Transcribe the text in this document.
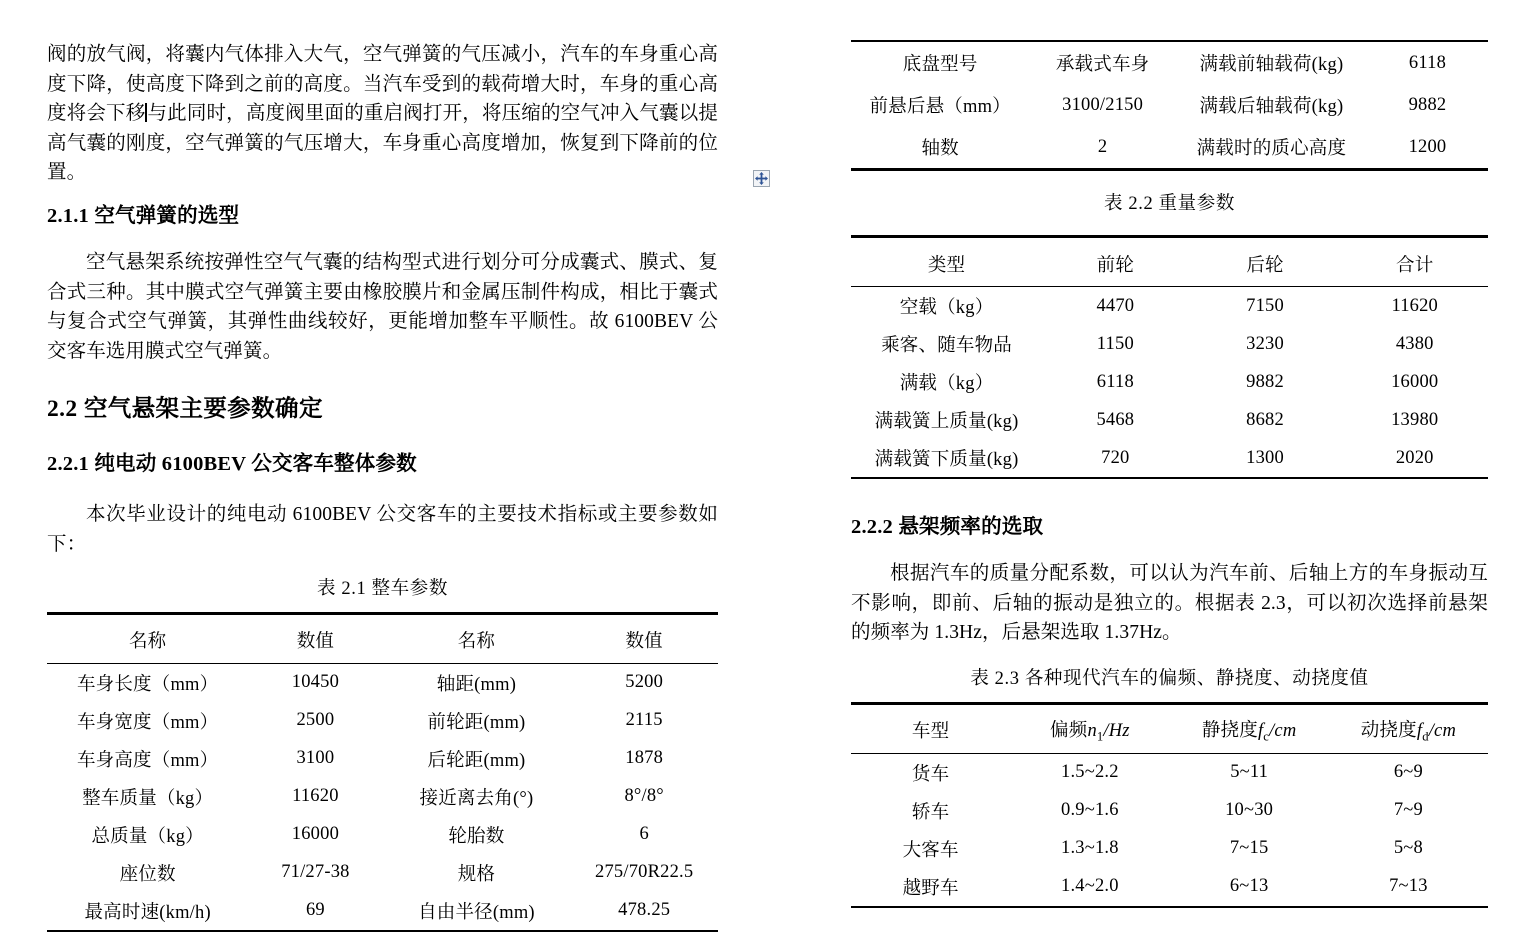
阀的放气阀，将囊内气体排入大气，空气弹簧的气压减小，汽车的车身重心高度下降，使高度下降到之前的高度。当汽车受到的载荷增大时，车身的重心高度将会下移 与此同时，高度阀里面的重启阀打开，将压缩的空气冲入气囊以提高气囊的刚度，空气弹簧的气压增大，车身重心高度增加，恢复到下降前的位置。

2.1.1 空气弹簧的选型

空气悬架系统按弹性空气气囊的结构型式进行划分可分成囊式、膜式、复合式三种。其中膜式空气弹簧主要由橡胶膜片和金属压制件构成，相比于囊式与复合式空气弹簧，其弹性曲线较好，更能增加整车平顺性。故 6100BEV 公交客车选用膜式空气弹簧。

2.2 空气悬架主要参数确定
2.2.1 纯电动 6100BEV 公交客车整体参数

本次毕业设计的纯电动 6100BEV 公交客车的主要技术指标或主要参数如下：

表 2.1 整车参数
名称	数值	名称	数值
车身长度（mm）	10450	轴距(mm)	5200
车身宽度（mm）	2500	前轮距(mm)	2115
车身高度（mm）	3100	后轮距(mm)	1878
整车质量（kg）	11620	接近离去角(°)	8°/8°
总质量（kg）	16000	轮胎数	6
座位数	71/27-38	规格	275/70R22.5
最高时速(km/h)	69	自由半径(mm)	478.25
底盘型号	承载式车身	满载前轴载荷(kg)	6118
前悬后悬（mm）	3100/2150	满载后轴载荷(kg)	9882
轴数	2	满载时的质心高度	1200
表 2.2 重量参数
类型	前轮	后轮	合计
空载（kg）	4470	7150	11620
乘客、随车物品	1150	3230	4380
满载（kg）	6118	9882	16000
满载簧上质量(kg)	5468	8682	13980
满载簧下质量(kg)	720	1300	2020
2.2.2 悬架频率的选取

根据汽车的质量分配系数，可以认为汽车前、后轴上方的车身振动互不影响，即前、后轴的振动是独立的。根据表 2.3，可以初次选择前悬架的频率为 1.3Hz，后悬架选取 1.37Hz。

表 2.3 各种现代汽车的偏频、静挠度、动挠度值
车型	偏频$n_1/Hz$	静挠度$f_c/cm$	动挠度$f_d/cm$
货车	1.5~2.2	5~11	6~9
轿车	0.9~1.6	10~30	7~9
大客车	1.3~1.8	7~15	5~8
越野车	1.4~2.0	6~13	7~13
